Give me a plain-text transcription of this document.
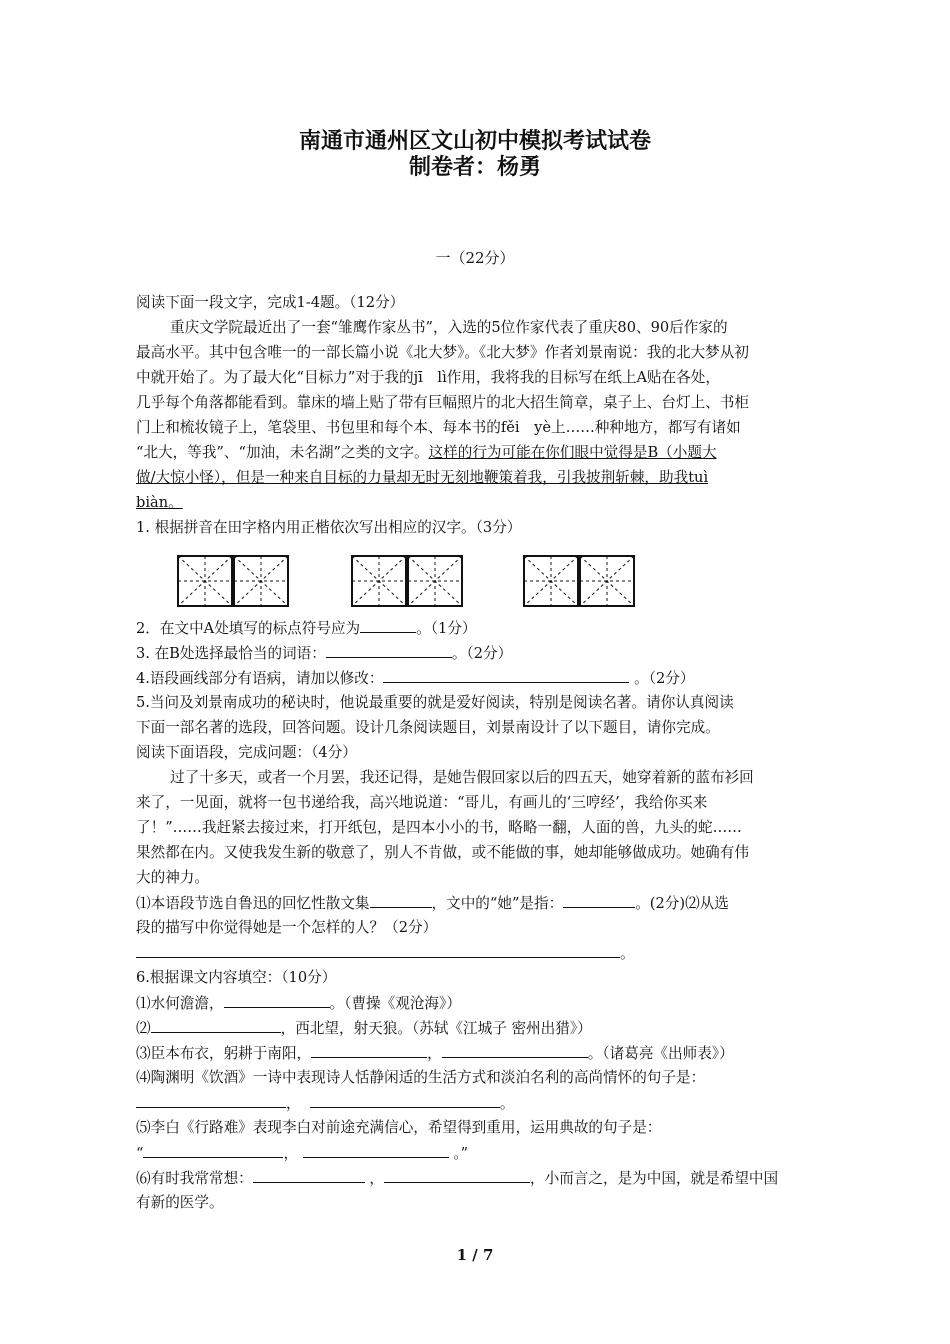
南通市通州区文山初中模拟考试试卷
制卷者：杨勇
一（22分）
阅读下面一段文字，完成1-4题。（12分）
重庆文学院最近出了一套“雏鹰作家丛书”，入选的5位作家代表了重庆80、90后作家的
最高水平。其中包含唯一的一部长篇小说《北大梦》。《北大梦》作者刘景南说：我的北大梦从初
中就开始了。为了最大化“目标力”对于我的jī　lì作用，我将我的目标写在纸上A贴在各处，
几乎每个角落都能看到。靠床的墙上贴了带有巨幅照片的北大招生简章，桌子上、台灯上、书柜
门上和梳妆镜子上，笔袋里、书包里和每个本、每本书的fěi　yè上……种种地方，都写有诸如
“北大，等我”、“加油，未名湖”之类的文字。这样的行为可能在你们眼中觉得是B（小题大
做/大惊小怪），但是一种来自目标的力量却无时无刻地鞭策着我，引我披荆斩棘，助我tuì
biàn。
1. 根据拼音在田字格内用正楷依次写出相应的汉字。（3分）
2．在文中A处填写的标点符号应为	。（1分）
3. 在B处选择最恰当的词语：	。（2分）
4.语段画线部分有语病，请加以修改：	。（2分）
5.当问及刘景南成功的秘诀时，他说最重要的就是爱好阅读，特别是阅读名著。请你认真阅读
下面一部名著的选段，回答问题。设计几条阅读题目，刘景南设计了以下题目，请你完成。
阅读下面语段，完成问题：（4分）
过了十多天，或者一个月罢，我还记得，是她告假回家以后的四五天，她穿着新的蓝布衫回
来了，一见面，就将一包书递给我，高兴地说道：“哥儿，有画儿的‘三哼经’，我给你买来
了！”……我赶紧去接过来，打开纸包，是四本小小的书，略略一翻，人面的兽，九头的蛇……
果然都在内。又使我发生新的敬意了，别人不肯做，或不能做的事，她却能够做成功。她确有伟
大的神力。
⑴本语段节选自鲁迅的回忆性散文集	，文中的“她”是指：	。(2分)⑵从选
段的描写中你觉得她是一个怎样的人？（2分）
。
6.根据课文内容填空：（10分）
⑴水何澹澹，	。（曹操《观沧海》）
⑵	，西北望，射天狼。（苏轼《江城子 密州出猎》）
⑶臣本布衣，躬耕于南阳，	，	。（诸葛亮《出师表》）
⑷陶渊明《饮酒》一诗中表现诗人恬静闲适的生活方式和淡泊名利的高尚情怀的句子是：
，	。
⑸李白《行路难》表现李白对前途充满信心，希望得到重用，运用典故的句子是：
“	，	。”
⑹有时我常常想：	，	，小而言之，是为中国，就是希望中国
有新的医学。
1 / 7
